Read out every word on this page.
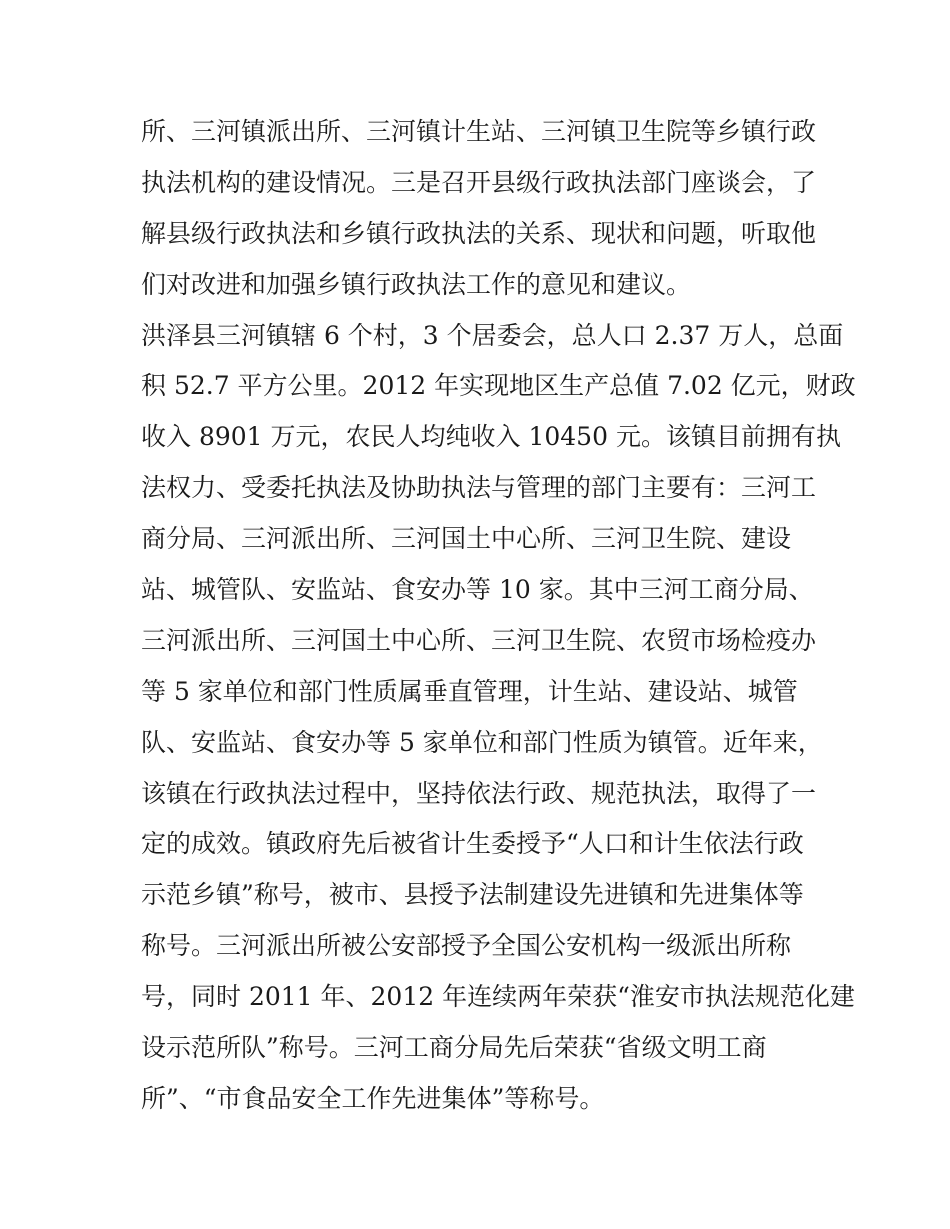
所、三河镇派出所、三河镇计生站、三河镇卫生院等乡镇行政
执法机构的建设情况。三是召开县级行政执法部门座谈会，了
解县级行政执法和乡镇行政执法的关系、现状和问题，听取他
们对改进和加强乡镇行政执法工作的意见和建议。
洪泽县三河镇辖 6 个村，3 个居委会，总人口 2.37 万人，总面
积 52.7 平方公里。2012 年实现地区生产总值 7.02 亿元，财政
收入 8901 万元，农民人均纯收入 10450 元。该镇目前拥有执
法权力、受委托执法及协助执法与管理的部门主要有：三河工
商分局、三河派出所、三河国土中心所、三河卫生院、建设
站、城管队、安监站、食安办等 10 家。其中三河工商分局、
三河派出所、三河国土中心所、三河卫生院、农贸市场检疫办
等 5 家单位和部门性质属垂直管理，计生站、建设站、城管
队、安监站、食安办等 5 家单位和部门性质为镇管。近年来，
该镇在行政执法过程中，坚持依法行政、规范执法，取得了一
定的成效。镇政府先后被省计生委授予“人口和计生依法行政
示范乡镇”称号，被市、县授予法制建设先进镇和先进集体等
称号。三河派出所被公安部授予全国公安机构一级派出所称
号，同时 2011 年、2012 年连续两年荣获“淮安市执法规范化建
设示范所队”称号。三河工商分局先后荣获“省级文明工商
所”、“市食品安全工作先进集体”等称号。
